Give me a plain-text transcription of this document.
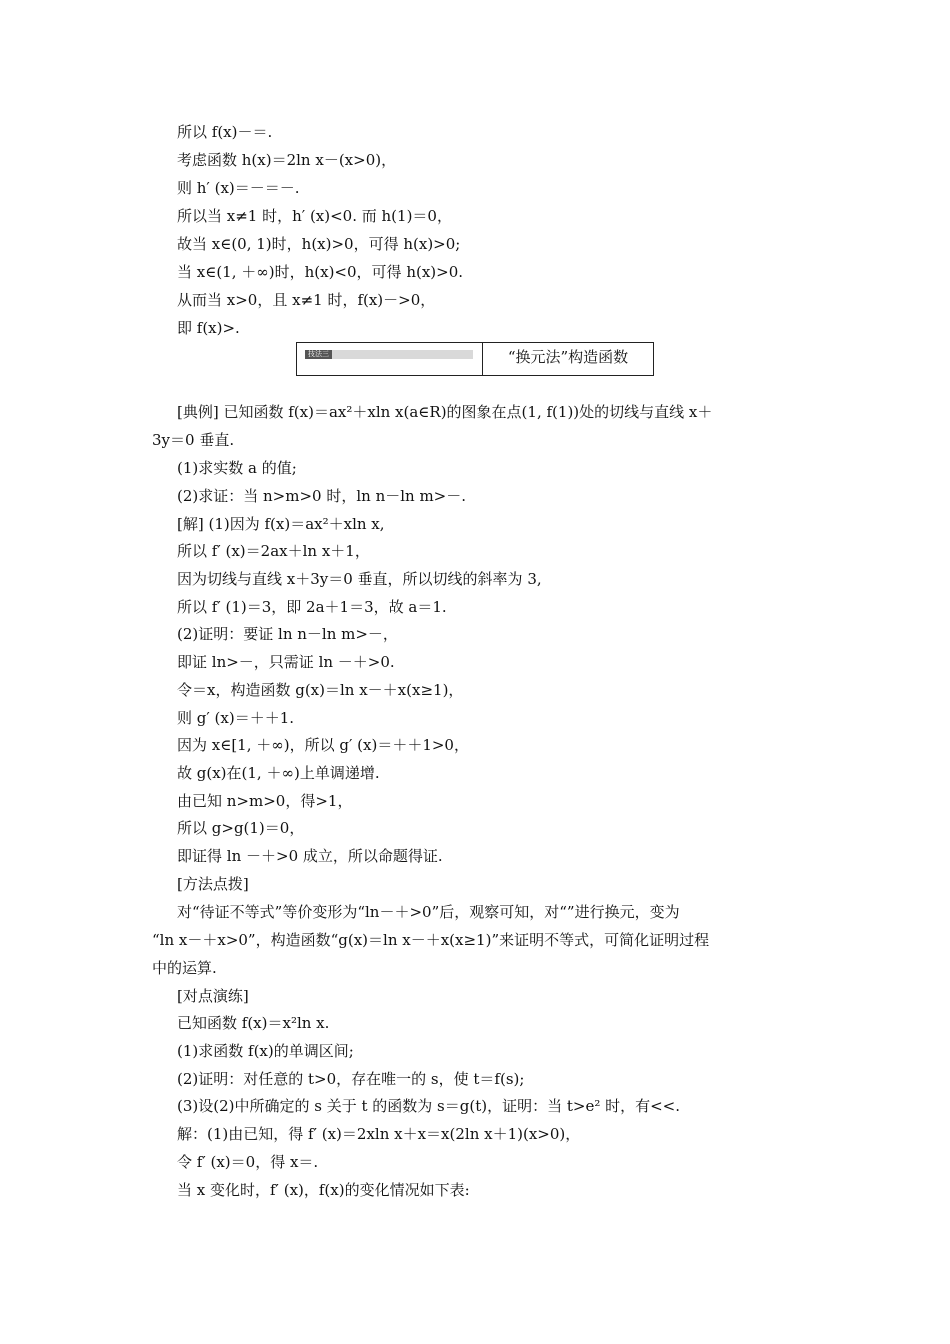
所以 f(x)－＝.
考虑函数 h(x)＝2ln x－(x>0)，
则 h′ (x)＝－＝－.
所以当 x≠1 时，h′ (x)<0. 而 h(1)＝0，
故当 x∈(0, 1)时，h(x)>0，可得 h(x)>0;
当 x∈(1, ＋∞)时，h(x)<0，可得 h(x)>0.
从而当 x>0，且 x≠1 时，f(x)－>0，
即 f(x)>.
技法三	“换元法”构造函数
[典例] 已知函数 f(x)＝ax²＋xln x(a∈R)的图象在点(1, f(1))处的切线与直线 x＋
3y＝0 垂直.
(1)求实数 a 的值;
(2)求证：当 n>m>0 时，ln n－ln m>－.
[解] (1)因为 f(x)＝ax²＋xln x,
所以 f′ (x)＝2ax＋ln x＋1，
因为切线与直线 x＋3y＝0 垂直，所以切线的斜率为 3,
所以 f′ (1)＝3，即 2a＋1＝3，故 a＝1.
(2)证明：要证 ln n－ln m>－，
即证 ln>－，只需证 ln －＋>0.
令＝x，构造函数 g(x)＝ln x－＋x(x≥1)，
则 g′ (x)＝＋＋1.
因为 x∈[1, ＋∞)，所以 g′ (x)＝＋＋1>0，
故 g(x)在(1, ＋∞)上单调递增.
由已知 n>m>0，得>1，
所以 g>g(1)＝0，
即证得 ln －＋>0 成立，所以命题得证.
[方法点拨]
对“待证不等式”等价变形为“ln－＋>0”后，观察可知，对“”进行换元，变为
“ln x－＋x>0”，构造函数“g(x)＝ln x－＋x(x≥1)”来证明不等式，可简化证明过程
中的运算.
[对点演练]
已知函数 f(x)＝x²ln x.
(1)求函数 f(x)的单调区间;
(2)证明：对任意的 t>0，存在唯一的 s，使 t＝f(s);
(3)设(2)中所确定的 s 关于 t 的函数为 s＝g(t)，证明：当 t>e² 时，有<<.
解：(1)由已知，得 f′ (x)＝2xln x＋x＝x(2ln x＋1)(x>0)，
令 f′ (x)＝0，得 x＝.
当 x 变化时，f′ (x)，f(x)的变化情况如下表:
